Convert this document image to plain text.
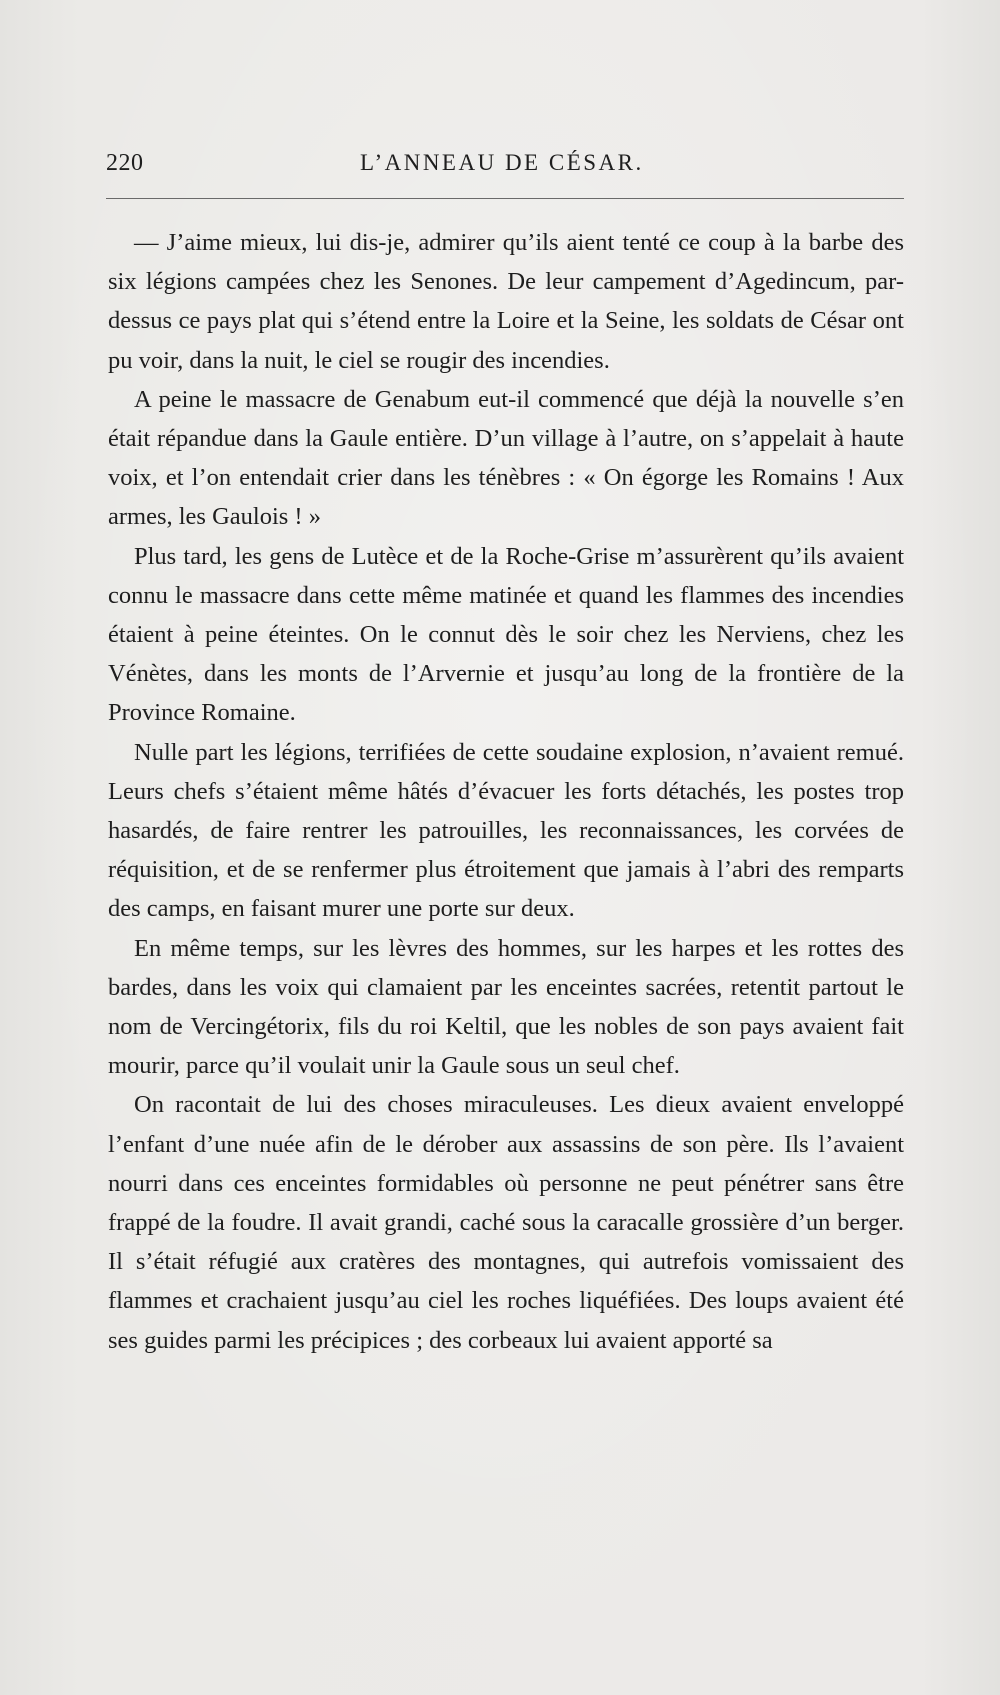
220	L’ANNEAU DE CÉSAR.

— J’aime mieux, lui dis-je, admirer qu’ils aient tenté ce coup à la barbe des six légions campées chez les Senones. De leur campement d’Agedincum, par-dessus ce pays plat qui s’étend entre la Loire et la Seine, les soldats de César ont pu voir, dans la nuit, le ciel se rougir des incendies.

A peine le massacre de Genabum eut-il commencé que déjà la nouvelle s’en était répandue dans la Gaule entière. D’un village à l’autre, on s’appelait à haute voix, et l’on entendait crier dans les ténèbres : « On égorge les Romains ! Aux armes, les Gaulois ! »

Plus tard, les gens de Lutèce et de la Roche-Grise m’assurèrent qu’ils avaient connu le massacre dans cette même matinée et quand les flammes des incendies étaient à peine éteintes. On le connut dès le soir chez les Nerviens, chez les Vénètes, dans les monts de l’Arvernie et jusqu’au long de la frontière de la Province Romaine.

Nulle part les légions, terrifiées de cette soudaine explosion, n’avaient remué. Leurs chefs s’étaient même hâtés d’évacuer les forts détachés, les postes trop hasardés, de faire rentrer les patrouilles, les reconnaissances, les corvées de réquisition, et de se renfermer plus étroitement que jamais à l’abri des remparts des camps, en faisant murer une porte sur deux.

En même temps, sur les lèvres des hommes, sur les harpes et les rottes des bardes, dans les voix qui clamaient par les enceintes sacrées, retentit partout le nom de Vercingétorix, fils du roi Keltil, que les nobles de son pays avaient fait mourir, parce qu’il voulait unir la Gaule sous un seul chef.

On racontait de lui des choses miraculeuses. Les dieux avaient enveloppé l’enfant d’une nuée afin de le dérober aux assassins de son père. Ils l’avaient nourri dans ces enceintes formidables où personne ne peut pénétrer sans être frappé de la foudre. Il avait grandi, caché sous la caracalle grossière d’un berger. Il s’était réfugié aux cratères des montagnes, qui autrefois vomissaient des flammes et crachaient jusqu’au ciel les roches liquéfiées. Des loups avaient été ses guides parmi les précipices ; des corbeaux lui avaient apporté sa
